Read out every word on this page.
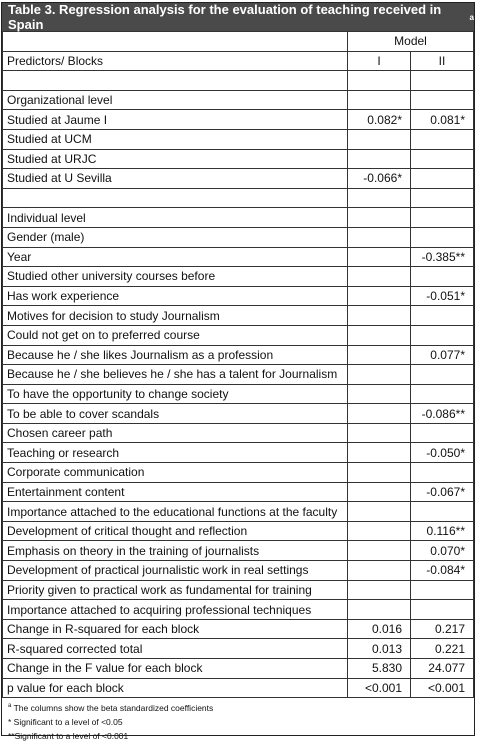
Table 3. Regression analysis for the evaluation of teaching received in Spain	a
	Model	
Predictors/ Blocks	I	II

Organizational level		
Studied at Jaume I	0.082*	0.081*
Studied at UCM		
Studied at URJC		
Studied at U Sevilla	-0.066*	

Individual level		
Gender (male)		
Year		-0.385**
Studied other university courses before		
Has work experience		-0.051*
Motives for decision to study Journalism		
Could not get on to preferred course		
Because he / she likes Journalism as a profession		0.077*
Because he / she believes he / she has a talent for Journalism		
To have the opportunity to change society		
To be able to cover scandals		-0.086**
Chosen career path		
Teaching or research		-0.050*
Corporate communication		
Entertainment content		-0.067*
Importance attached to the educational functions at the faculty		
Development of critical thought and reflection		0.116**
Emphasis on theory in the training of journalists		0.070*
Development of practical journalistic work in real settings		-0.084*
Priority given to practical work as fundamental for training		
Importance attached to acquiring professional techniques		
Change in R-squared for each block	0.016	0.217
R-squared corrected total	0.013	0.221
Change in the F value for each block	5.830	24.077
p value for each block	<0.001	<0.001
$^a$ The columns show the beta standardized coefficients
* Significant to a level of <0.05
**Significant to a level of <0.001
